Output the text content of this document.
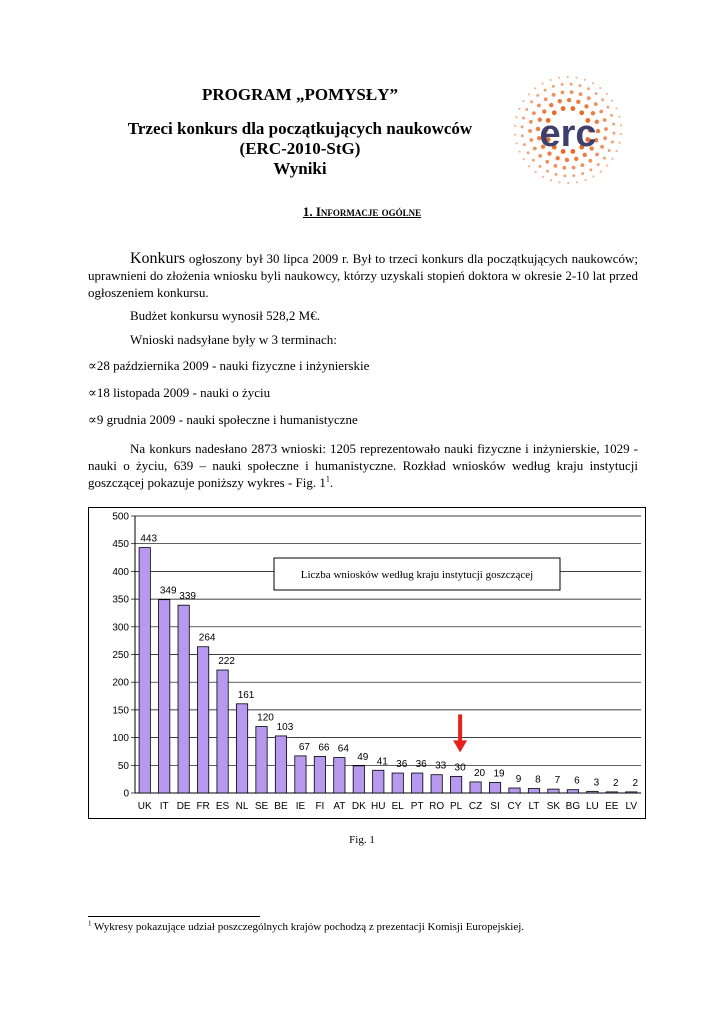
PROGRAM „POMYSŁY”
Trzeci konkurs dla początkujących naukowców
(ERC-2010-StG)
Wyniki
erc
1. Informacje ogólne
Konkurs ogłoszony był 30 lipca 2009 r. Był to trzeci konkurs dla początkujących naukowców; uprawnieni do złożenia wniosku byli naukowcy, którzy uzyskali stopień doktora w okresie 2-10 lat przed ogłoszeniem konkursu.
Budżet konkursu wynosił 528,2 M€.
Wnioski nadsyłane były w 3 terminach:
∝28 października 2009 - nauki fizyczne i inżynierskie
∝18 listopada 2009 - nauki o życiu
∝9 grudnia 2009 - nauki społeczne i humanistyczne
Na konkurs nadesłano 2873 wnioski: 1205 reprezentowało nauki fizyczne i inżynierskie, 1029 - nauki o życiu, 639 – nauki społeczne i humanistyczne. Rozkład wniosków według kraju instytucji goszczącej pokazuje poniższy wykres - Fig. $1^1$.
0
50
100
150
200
250
300
350
400
450
500
443
UK
349
IT
339
DE
264
FR
222
ES
161
NL
120
SE
103
BE
67
IE
66
FI
64
AT
49
DK
41
HU
36
EL
36
PT
33
RO
30
PL
20
CZ
19
SI
9
CY
8
LT
7
SK
6
BG
3
LU
2
EE
2
LV
Liczba wniosków według kraju instytucji goszczącej
Fig. 1
$^1$ Wykresy pokazujące udział poszczególnych krajów pochodzą z prezentacji Komisji Europejskiej.
